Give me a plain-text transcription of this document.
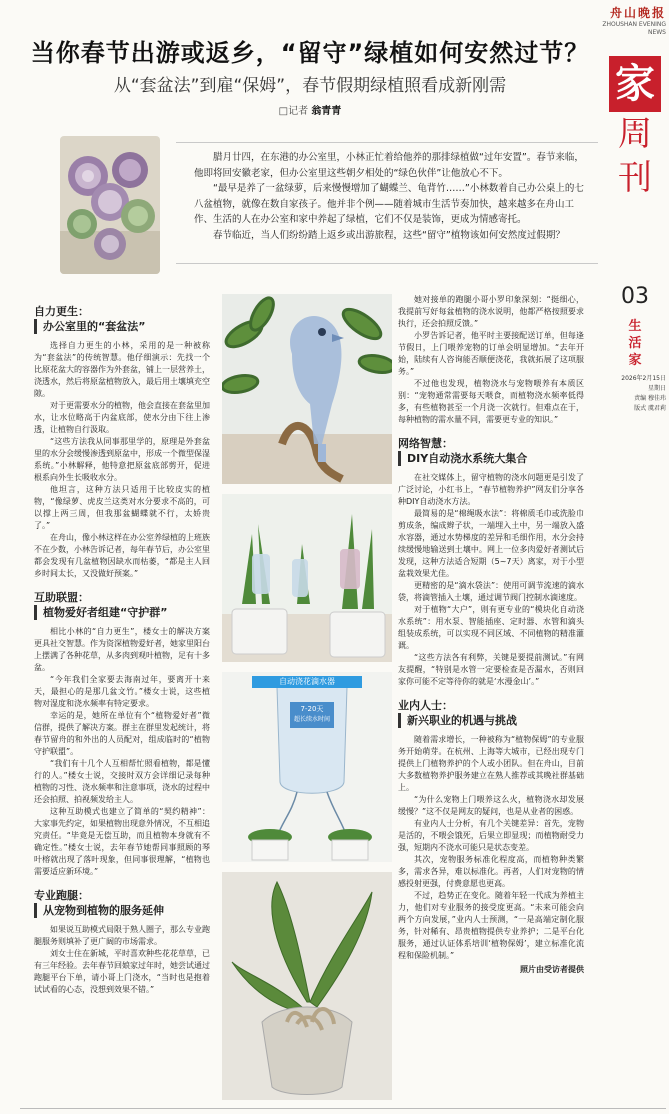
舟山晚报
ZHOUSHAN EVENING NEWS
当你春节出游或返乡，“留守”绿植如何安然过节？
从“套盆法”到雇“保姆”，春节假期绿植照看成新刚需
□记者 翁青青
家
周
刊
03
生
活
家
2026年2月15日
星期日
责编 穆佳玮
版式 虞君莉

腊月廿四，在东港的办公室里，小林正忙着给他养的那排绿植做“过年安置”。春节来临，他即将回安徽老家，但办公室里这些朝夕相处的“绿色伙伴”让他放心不下。

“最早是养了一盆绿萝，后来慢慢增加了蝴蝶兰、龟背竹……”小林数着自己办公桌上的七八盆植物，就像在数自家孩子。他并非个例——随着城市生活节奏加快，越来越多在舟山工作、生活的人在办公室和家中养起了绿植，它们不仅是装饰，更成为情感寄托。

春节临近，当人们纷纷踏上返乡或出游旅程，这些“留守”植物该如何安然度过假期？

自力更生：
办公室里的“套盆法”

选择自力更生的小林，采用的是一种被称为“套盆法”的传统智慧。他仔细演示：先找一个比原花盆大的容器作为外套盆，铺上一层营养土，浇透水，然后将原盆植物放入，最后用土壤填充空隙。

对于更需要水分的植物，他会直接在套盆里加水，让水位略高于内盆底部，使水分由下往上渗透，让植物自行汲取。

“这些方法我从同事那里学的，原理是外套盆里的水分会缓慢渗透到原盆中，形成一个微型保湿系统。”小林解释，他特意把原盆底部剪开，促进根系向外生长吸收水分。

他坦言，这种方法只适用于比较皮实的植物，“像绿萝、虎皮兰这类对水分要求不高的，可以撑上两三周，但我那盆蝴蝶就不行，太娇贵了。”

在舟山，像小林这样在办公室养绿植的上班族不在少数，小林告诉记者，每年春节后，办公室里都会发现有几盆植物因缺水而枯萎，“都是主人回乡时间太长，又没做好预案。”

互助联盟：
植物爱好者组建“守护群”

相比小林的“自力更生”，楼女士的解决方案更具社交智慧。作为资深植物爱好者，她家里阳台上摆满了各种花草，从多肉到观叶植物，足有十多盆。

“今年我们全家要去海南过年，要离开十来天，最担心的是那几盆文竹。”楼女士说，这些植物对湿度和浇水频率有特定要求。

幸运的是，她所在单位有个“植物爱好者”微信群，提供了解决方案。群主在群里发起统计，将春节留舟的和外出的人员配对，组成临时的“植物守护联盟”。

“我们有十几个人互相帮忙照看植物，都是懂行的人。”楼女士说，交接时双方会详细记录每种植物的习性、浇水频率和注意事项，浇水的过程中还会拍照、拍视频发给主人。

这种互助模式也建立了简单的“契约精神”：大家事先约定，如果植物出现意外情况，不互相追究责任。“毕竟是无偿互助，而且植物本身就有不确定性。”楼女士说，去年春节她帮同事照顾的琴叶榕就出现了落叶现象，但同事很理解，“植物也需要适应新环境。”

专业跑腿：
从宠物到植物的服务延伸

如果说互助模式局限于熟人圈子，那么专业跑腿服务则填补了更广阔的市场需求。

刘女士住在新城，平时喜欢种些花花草草，已有三年经验。去年春节回娘家过年时，她尝试通过跑腿平台下单，请小哥上门浇水，“当时也是抱着试试看的心态，没想到效果不错。”

自动浇花滴水器
7-20天
超长续水时间

她对接单的跑腿小哥小罗印象深刻：“挺细心，我提前写好每盆植物的浇水说明，他都严格按照要求执行，还会拍照反馈。”

小罗告诉记者，他平时主要接配送订单，但每逢节假日，上门喂养宠物的订单会明显增加。“去年开始，陆续有人咨询能否顺便浇花，我就拓展了这项服务。”

不过他也发现，植物浇水与宠物喂养有本质区别：“宠物通常需要每天喂食，而植物浇水频率低得多，有些植物甚至一个月浇一次就行。但难点在于，每种植物的需水量不同，需要更专业的知识。”

网络智慧：
DIY自动浇水系统大集合

在社交媒体上，留守植物的浇水问题更是引发了广泛讨论，小红书上，“春节植物养护”网友们分享各种DIY自动浇水方法。

最简易的是“棉绳吸水法”：将棉质毛巾或洗脸巾剪成条，编成辫子状，一端埋入土中，另一端放入盛水容器，通过水势梯度的差异和毛细作用，水分会持续缓慢地输送到土壤中。网上一位多肉爱好者测试后发现，这种方法适合短期（5~7天）离家，对于小型盆栽效果尤佳。

更精密的是“滴水袋法”：使用可调节流速的滴水袋，将滴管插入土壤，通过调节阀门控制水滴速度。

对于植物“大户”，则有更专业的“模块化自动浇水系统”：用水泵、智能插座、定时器、水管和滴头组装成系统，可以实现不同区域、不同植物的精准灌溉。

“这些方法各有利弊，关键是要提前测试。”有网友提醒，“特别是水管一定要检查是否漏水，否则回家你可能不定等待你的就是‘水漫金山’。”

业内人士：
新兴职业的机遇与挑战

随着需求增长，一种被称为“植物保姆”的专业服务开始萌芽。在杭州、上海等大城市，已经出现专门提供上门植物养护的个人或小团队。但在舟山，目前大多数植物养护服务建立在熟人推荐或其晚社群基础上。

“为什么宠物上门喂养这么火，植物浇水却发展缓慢？”这不仅是网友的疑问，也是从业者的困惑。

有业内人士分析，有几个关键差异：首先，宠物是活的，不喂会饿死，后果立即显现；而植物耐受力强，短期内不浇水可能只是状态变差。

其次，宠物服务标准化程度高，而植物种类繁多，需求各异，难以标准化。再者，人们对宠物的情感投射更强，付费意愿也更高。

不过，趋势正在变化。随着年轻一代成为养植主力，他们对专业服务的接受度更高。“未来可能会向两个方向发展，”业内人士预测，“一是高端定制化服务，针对稀有、昂贵植物提供专业养护；二是平台化服务，通过认证体系培训‘植物保姆’，建立标准化流程和保险机制。”

照片由受访者提供
